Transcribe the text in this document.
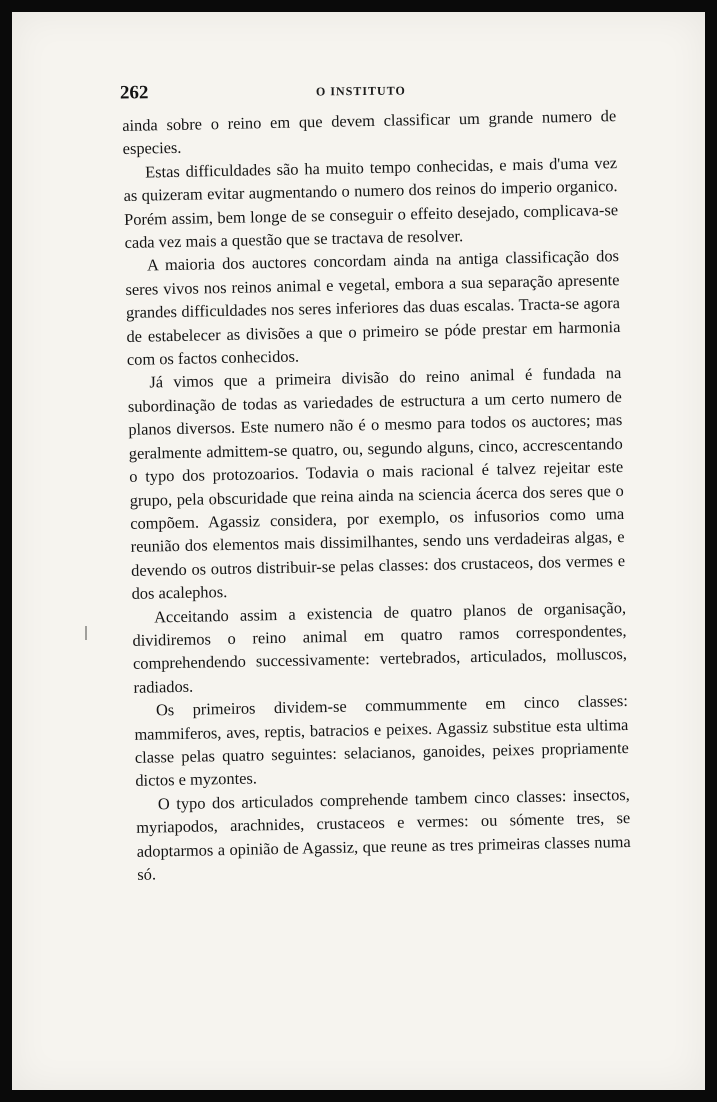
262	O INSTITUTO

ainda sobre o reino em que devem classificar um grande numero de especies.

Estas difficuldades são ha muito tempo conhecidas, e mais d'uma vez as quizeram evitar augmentando o numero dos reinos do imperio organico. Porém assim, bem longe de se conseguir o effeito desejado, complicava-se cada vez mais a questão que se tractava de resolver.

A maioria dos auctores concordam ainda na antiga classificação dos seres vivos nos reinos animal e vegetal, embora a sua separação apresente grandes difficuldades nos seres inferiores das duas escalas. Tracta-se agora de estabelecer as divisões a que o primeiro se póde prestar em harmonia com os factos conhecidos.

Já vimos que a primeira divisão do reino animal é fundada na subordinação de todas as variedades de estructura a um certo numero de planos diversos. Este numero não é o mesmo para todos os auctores; mas geralmente admittem-se quatro, ou, segundo alguns, cinco, accrescentando o typo dos protozoarios. Todavia o mais racional é talvez rejeitar este grupo, pela obscuridade que reina ainda na sciencia ácerca dos seres que o compõem. Agassiz considera, por exemplo, os infusorios como uma reunião dos elementos mais dissimilhantes, sendo uns verdadeiras algas, e devendo os outros distribuir-se pelas classes: dos crustaceos, dos vermes e dos acalephos.

Acceitando assim a existencia de quatro planos de organisação, dividiremos o reino animal em quatro ramos correspondentes, comprehendendo successivamente: vertebrados, articulados, molluscos, radiados.

Os primeiros dividem-se commummente em cinco classes: mammiferos, aves, reptis, batracios e peixes. Agassiz substitue esta ultima classe pelas quatro seguintes: selacianos, ganoides, peixes propriamente dictos e myzontes.

O typo dos articulados comprehende tambem cinco classes: insectos, myriapodos, arachnides, crustaceos e vermes: ou sómente tres, se adoptarmos a opinião de Agassiz, que reune as tres primeiras classes numa só.
